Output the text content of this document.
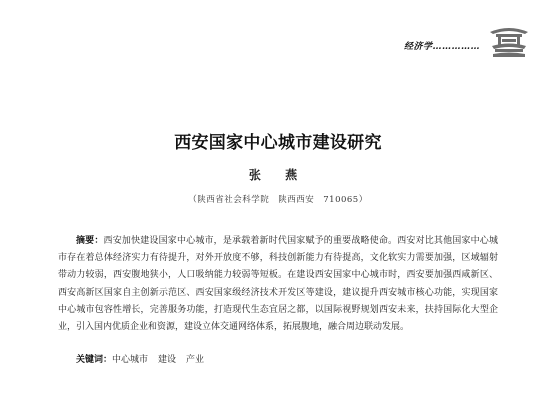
经济学……………
西安国家中心城市建设研究
张 燕
（陕西省社会科学院　陕西西安　710065）

摘要：西安加快建设国家中心城市，是承载着新时代国家赋予的重要战略使命。西安对比其他国家中心城市存在着总体经济实力有待提升，对外开放度不够，科技创新能力有待提高，文化软实力需要加强，区域辐射带动力较弱，西安腹地狭小，人口吸纳能力较弱等短板。在建设西安国家中心城市时，西安要加强西咸新区、西安高新区国家自主创新示范区、西安国家级经济技术开发区等建设，建议提升西安城市核心功能，实现国家中心城市包容性增长，完善服务功能，打造现代生态宜居之都，以国际视野规划西安未来，扶持国际化大型企业，引入国内优质企业和资源，建设立体交通网络体系，拓展腹地，融合周边联动发展。

关键词：中心城市 建设 产业
